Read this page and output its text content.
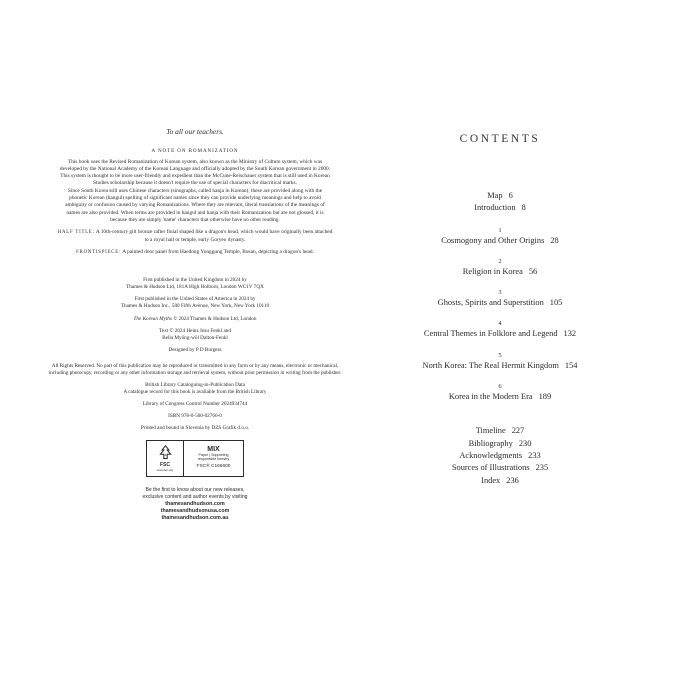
To all our teachers.
A NOTE ON ROMANIZATION
This book uses the Revised Romanization of Korean system, also known as the Ministry of Culture system, which was developed by the National Academy of the Korean Language and officially adopted by the South Korean government in 2000. This system is thought to be more user-friendly and expedient than the McCune-Reischauer system that is still used in Korean Studies scholarship because it doesn't require the use of special characters for diacritical marks.
Since South Korea still uses Chinese characters (sinographs, called hanja in Korean), these are provided along with the phonetic Korean (hangul) spelling of significant names since they can provide underlying meanings and help to avoid ambiguity or confusion caused by varying Romanizations. Where they are relevant, literal translations of the meanings of names are also provided. When terms are provided in hangul and hanja with their Romanization but are not glossed, it is because they are simply 'name' characters that otherwise have no other reading.
HALF TITLE: A 10th-century gilt bronze rafter finial shaped like a dragon's head, which would have originally been attached to a royal hall or temple, early Goryeo dynasty.
FRONTISPIECE: A painted door panel from Haedong Yonggung Temple, Busan, depicting a dragon's head.

First published in the United Kingdom in 2024 by
Thames & Hudson Ltd, 181A High Holborn, London WC1V 7QX

First published in the United States of America in 2024 by
Thames & Hudson Inc., 500 Fifth Avenue, New York, New York 10110

The Korean Myths © 2024 Thames & Hudson Ltd, London

Text © 2024 Heinz Insu Fenkl and
Bella Myŏng-wŏl Dalton-Fenkl

Designed by P D Burgess

All Rights Reserved. No part of this publication may be reproduced or transmitted in any form or by any means, electronic or mechanical, including photocopy, recording or any other information storage and retrieval system, without prior permission in writing from the publisher.

British Library Cataloguing-in-Publication Data
A catalogue record for this book is available from the British Library

Library of Congress Control Number 2024934744

ISBN 978-0-500-02766-0

Printed and bound in Slovenia by DZS Grafik d.o.o.

FSC
www.fsc.org
MIX
Paper | Supporting
responsible forestry
FSC® C166600
Be the first to know about our new releases,
exclusive content and author events by visiting
thamesandhudson.com
thamesandhudsonusa.com
thamesandhudson.com.au
CONTENTS
Map 6
Introduction 8
1
Cosmogony and Other Origins 28
2
Religion in Korea 56
3
Ghosts, Spirits and Superstition 105
4
Central Themes in Folklore and Legend 132
5
North Korea: The Real Hermit Kingdom 154
6
Korea in the Modern Era 189
Timeline 227
Bibliography 230
Acknowledgments 233
Sources of Illustrations 235
Index 236
